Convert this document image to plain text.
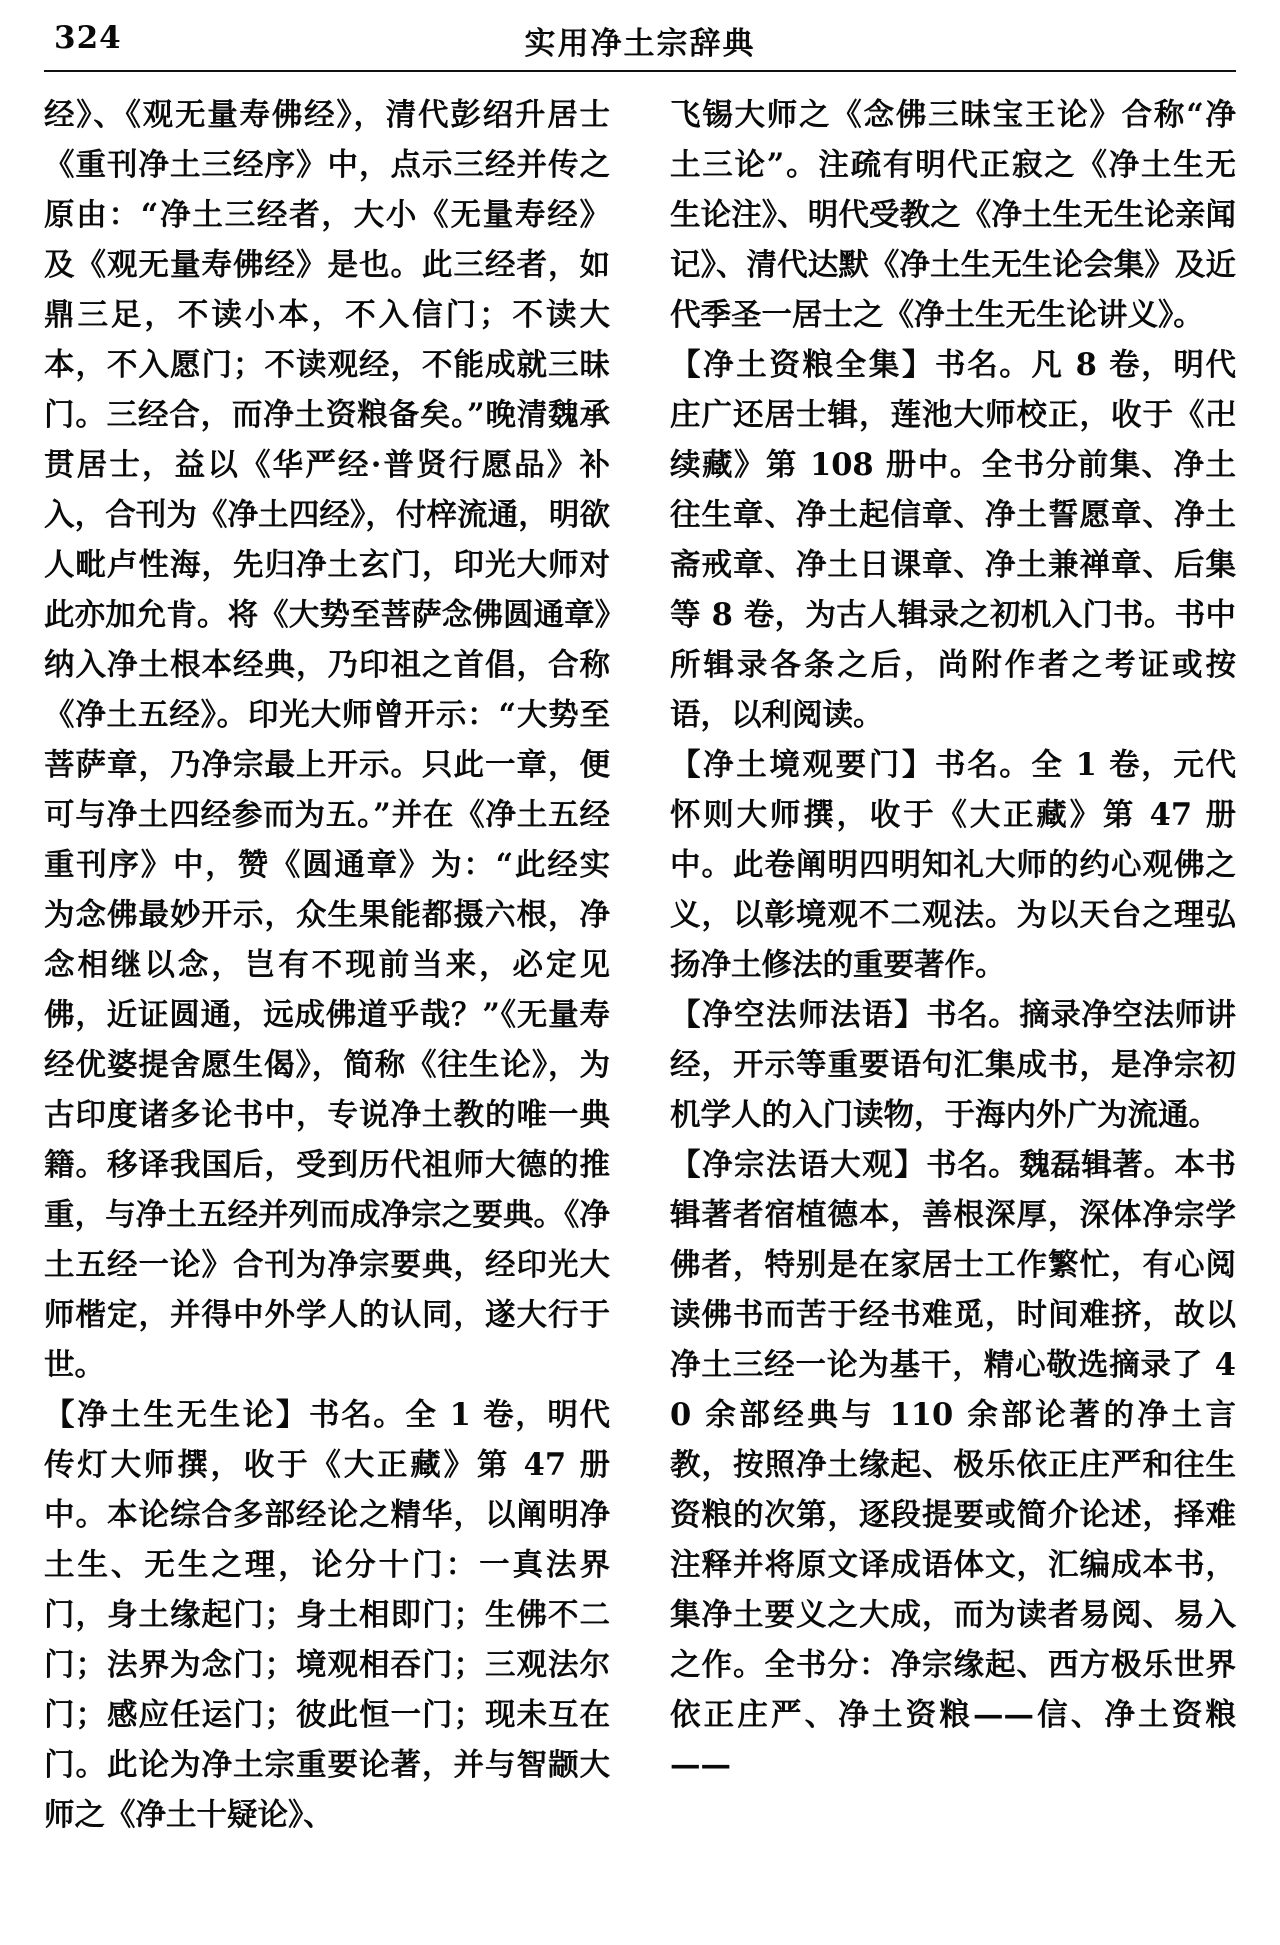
324	实用净土宗辞典

经》、《观无量寿佛经》，清代彭绍升居士《重刊净土三经序》中，点示三经并传之原由：“净土三经者，大小《无量寿经》及《观无量寿佛经》是也。此三经者，如鼎三足，不读小本，不入信门；不读大本，不入愿门；不读观经，不能成就三昧门。三经合，而净土资粮备矣。”晚清魏承贯居士，益以《华严经·普贤行愿品》补入，合刊为《净土四经》，付梓流通，明欲人毗卢性海，先归净土玄门，印光大师对此亦加允肯。将《大势至菩萨念佛圆通章》纳入净土根本经典，乃印祖之首倡，合称《净土五经》。印光大师曾开示：“大势至菩萨章，乃净宗最上开示。只此一章，便可与净土四经参而为五。”并在《净土五经重刊序》中，赞《圆通章》为：“此经实为念佛最妙开示，众生果能都摄六根，净念相继以念，岂有不现前当来，必定见佛，近证圆通，远成佛道乎哉？”《无量寿经优婆提舍愿生偈》，简称《往生论》，为古印度诸多论书中，专说净土教的唯一典籍。移译我国后，受到历代祖师大德的推重，与净土五经并列而成净宗之要典。《净土五经一论》合刊为净宗要典，经印光大师楷定，并得中外学人的认同，遂大行于世。

【净土生无生论】书名。全 1 卷，明代传灯大师撰，收于《大正藏》第 47 册中。本论综合多部经论之精华，以阐明净土生、无生之理，论分十门：一真法界门，身土缘起门；身土相即门；生佛不二门；法界为念门；境观相吞门；三观法尔门；感应任运门；彼此恒一门；现未互在门。此论为净土宗重要论著，并与智颛大师之《净土十疑论》、

飞锡大师之《念佛三昧宝王论》合称“净土三论”。注疏有明代正寂之《净土生无生论注》、明代受教之《净土生无生论亲闻记》、清代达默《净土生无生论会集》及近代季圣一居士之《净土生无生论讲义》。

【净土资粮全集】书名。凡 8 卷，明代庄广还居士辑，莲池大师校正，收于《卍续藏》第 108 册中。全书分前集、净土往生章、净土起信章、净土誓愿章、净土斋戒章、净土日课章、净土兼禅章、后集等 8 卷，为古人辑录之初机入门书。书中所辑录各条之后，尚附作者之考证或按语，以利阅读。

【净土境观要门】书名。全 1 卷，元代怀则大师撰，收于《大正藏》第 47 册中。此卷阐明四明知礼大师的约心观佛之义，以彰境观不二观法。为以天台之理弘扬净土修法的重要著作。

【净空法师法语】书名。摘录净空法师讲经，开示等重要语句汇集成书，是净宗初机学人的入门读物，于海内外广为流通。

【净宗法语大观】书名。魏磊辑著。本书辑著者宿植德本，善根深厚，深体净宗学佛者，特别是在家居士工作繁忙，有心阅读佛书而苦于经书难觅，时间难挤，故以净土三经一论为基干，精心敬选摘录了 40 余部经典与 110 余部论著的净土言教，按照净土缘起、极乐依正庄严和往生资粮的次第，逐段提要或简介论述，择难注释并将原文译成语体文，汇编成本书，集净土要义之大成，而为读者易阅、易入之作。全书分：净宗缘起、西方极乐世界依正庄严、净土资粮——信、净土资粮——
